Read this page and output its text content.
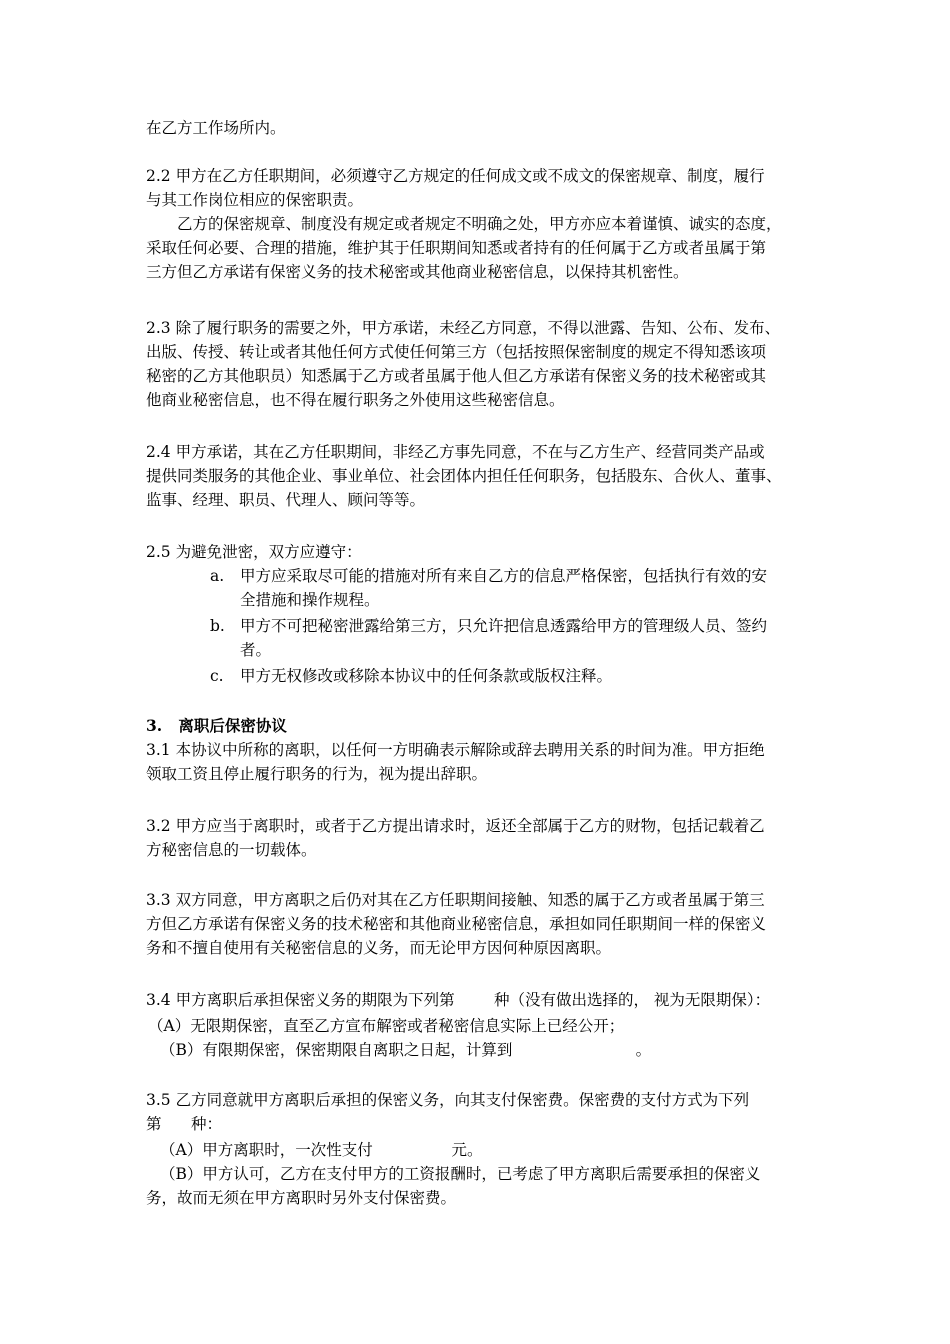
在乙方工作场所内。
2.2 甲方在乙方任职期间，必须遵守乙方规定的任何成文或不成文的保密规章、制度，履行
与其工作岗位相应的保密职责。
乙方的保密规章、制度没有规定或者规定不明确之处，甲方亦应本着谨慎、诚实的态度，
采取任何必要、合理的措施，维护其于任职期间知悉或者持有的任何属于乙方或者虽属于第
三方但乙方承诺有保密义务的技术秘密或其他商业秘密信息，以保持其机密性。
2.3 除了履行职务的需要之外，甲方承诺，未经乙方同意，不得以泄露、告知、公布、发布、
出版、传授、转让或者其他任何方式使任何第三方（包括按照保密制度的规定不得知悉该项
秘密的乙方其他职员）知悉属于乙方或者虽属于他人但乙方承诺有保密义务的技术秘密或其
他商业秘密信息，也不得在履行职务之外使用这些秘密信息。
2.4 甲方承诺，其在乙方任职期间，非经乙方事先同意，不在与乙方生产、经营同类产品或
提供同类服务的其他企业、事业单位、社会团体内担任任何职务，包括股东、合伙人、董事、
监事、经理、职员、代理人、顾问等等。
2.5 为避免泄密，双方应遵守：
a. 甲方应采取尽可能的措施对所有来自乙方的信息严格保密，包括执行有效的安
全措施和操作规程。
b. 甲方不可把秘密泄露给第三方，只允许把信息透露给甲方的管理级人员、签约
者。
c. 甲方无权修改或移除本协议中的任何条款或版权注释。
3.   离职后保密协议
3.1 本协议中所称的离职，以任何一方明确表示解除或辞去聘用关系的时间为准。甲方拒绝
领取工资且停止履行职务的行为，视为提出辞职。
3.2 甲方应当于离职时，或者于乙方提出请求时，返还全部属于乙方的财物，包括记载着乙
方秘密信息的一切载体。
3.3 双方同意，甲方离职之后仍对其在乙方任职期间接触、知悉的属于乙方或者虽属于第三
方但乙方承诺有保密义务的技术秘密和其他商业秘密信息，承担如同任职期间一样的保密义
务和不擅自使用有关秘密信息的义务，而无论甲方因何种原因离职。
3.4 甲方离职后承担保密义务的期限为下列第        种（没有做出选择的， 视为无限期保）：
（A）无限期保密，直至乙方宣布解密或者秘密信息实际上已经公开；
（B）有限期保密，保密期限自离职之日起，计算到                         。
3.5 乙方同意就甲方离职后承担的保密义务，向其支付保密费。保密费的支付方式为下列
第      种：
（A）甲方离职时，一次性支付                元。
（B）甲方认可，乙方在支付甲方的工资报酬时，已考虑了甲方离职后需要承担的保密义
务，故而无须在甲方离职时另外支付保密费。
